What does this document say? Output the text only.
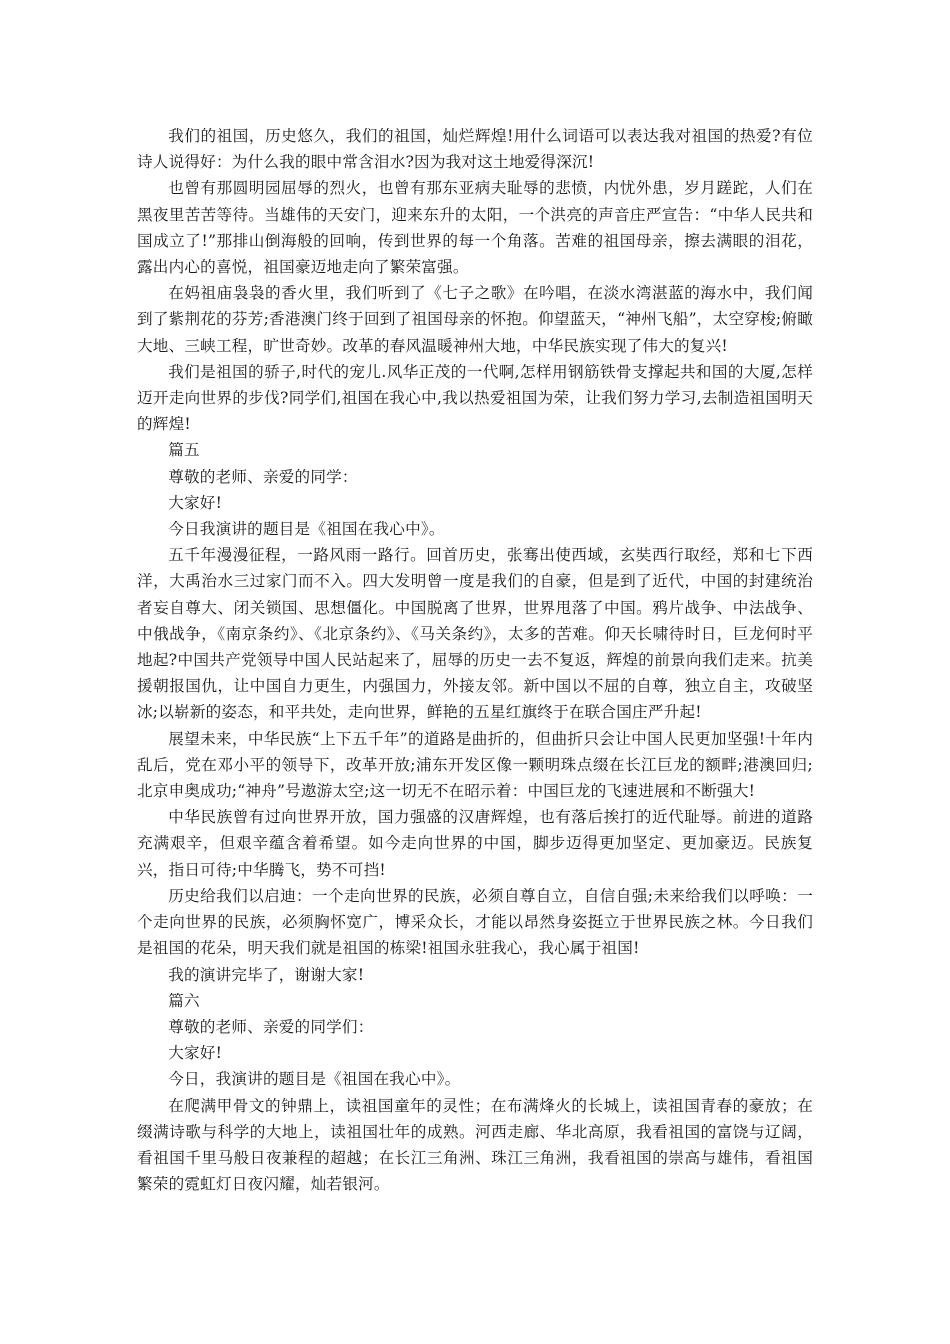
我们的祖国，历史悠久，我们的祖国，灿烂辉煌!用什么词语可以表达我对祖国的热爱?有位诗人说得好：为什么我的眼中常含泪水?因为我对这土地爱得深沉!

也曾有那圆明园屈辱的烈火，也曾有那东亚病夫耻辱的悲愤，内忧外患，岁月蹉跎，人们在黑夜里苦苦等待。当雄伟的天安门，迎来东升的太阳，一个洪亮的声音庄严宣告：“中华人民共和国成立了!”那排山倒海般的回响，传到世界的每一个角落。苦难的祖国母亲，擦去满眼的泪花，露出内心的喜悦，祖国豪迈地走向了繁荣富强。

在妈祖庙袅袅的香火里，我们听到了《七子之歌》在吟唱，在淡水湾湛蓝的海水中，我们闻到了紫荆花的芬芳;香港澳门终于回到了祖国母亲的怀抱。仰望蓝天，“神州飞船”，太空穿梭;俯瞰大地、三峡工程，旷世奇妙。改革的春风温暖神州大地，中华民族实现了伟大的复兴!

我们是祖国的骄子,时代的宠儿.风华正茂的一代啊,怎样用钢筋铁骨支撑起共和国的大厦,怎样迈开走向世界的步伐?同学们,祖国在我心中,我以热爱祖国为荣，让我们努力学习,去制造祖国明天的辉煌!

篇五

尊敬的老师、亲爱的同学：

大家好!

今日我演讲的题目是《祖国在我心中》。

五千年漫漫征程，一路风雨一路行。回首历史，张骞出使西域，玄奘西行取经，郑和七下西洋，大禹治水三过家门而不入。四大发明曾一度是我们的自豪，但是到了近代，中国的封建统治者妄自尊大、闭关锁国、思想僵化。中国脱离了世界，世界甩落了中国。鸦片战争、中法战争、中俄战争，《南京条约》、《北京条约》、《马关条约》，太多的苦难。仰天长啸待时日，巨龙何时平地起?中国共产党领导中国人民站起来了，屈辱的历史一去不复返，辉煌的前景向我们走来。抗美援朝报国仇，让中国自力更生，内强国力，外接友邻。新中国以不屈的自尊，独立自主，攻破坚冰;以崭新的姿态，和平共处，走向世界，鲜艳的五星红旗终于在联合国庄严升起!

展望未来，中华民族“上下五千年”的道路是曲折的，但曲折只会让中国人民更加坚强!十年内乱后，党在邓小平的领导下，改革开放;浦东开发区像一颗明珠点缀在长江巨龙的额畔;港澳回归;北京申奥成功;“神舟”号遨游太空;这一切无不在昭示着：中国巨龙的飞速进展和不断强大!

中华民族曾有过向世界开放，国力强盛的汉唐辉煌，也有落后挨打的近代耻辱。前进的道路充满艰辛，但艰辛蕴含着希望。如今走向世界的中国，脚步迈得更加坚定、更加豪迈。民族复兴，指日可待;中华腾飞，势不可挡!

历史给我们以启迪：一个走向世界的民族，必须自尊自立，自信自强;未来给我们以呼唤：一个走向世界的民族，必须胸怀宽广，博采众长，才能以昂然身姿挺立于世界民族之林。今日我们是祖国的花朵，明天我们就是祖国的栋梁!祖国永驻我心，我心属于祖国!

我的演讲完毕了，谢谢大家!

篇六

尊敬的老师、亲爱的同学们：

大家好!

今日，我演讲的题目是《祖国在我心中》。

在爬满甲骨文的钟鼎上，读祖国童年的灵性；在布满烽火的长城上，读祖国青春的豪放；在缀满诗歌与科学的大地上，读祖国壮年的成熟。河西走廊、华北高原，我看祖国的富饶与辽阔，看祖国千里马般日夜兼程的超越；在长江三角洲、珠江三角洲，我看祖国的崇高与雄伟，看祖国繁荣的霓虹灯日夜闪耀，灿若银河。
